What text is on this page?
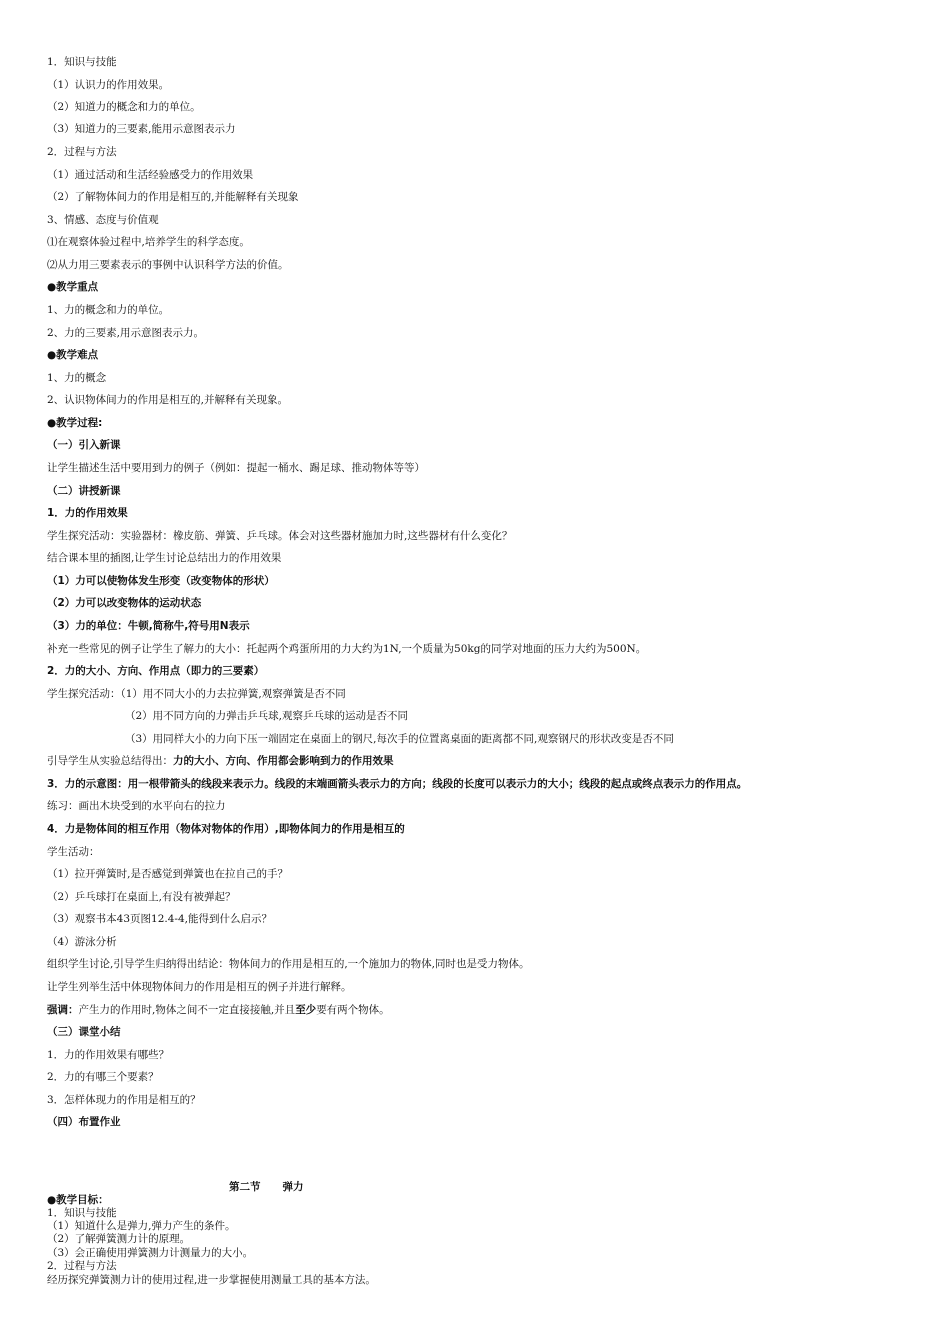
1．知识与技能
（1）认识力的作用效果。
（2）知道力的概念和力的单位。
（3）知道力的三要素,能用示意图表示力
2．过程与方法
（1）通过活动和生活经验感受力的作用效果
（2）了解物体间力的作用是相互的,并能解释有关现象
3、情感、态度与价值观
⑴在观察体验过程中,培养学生的科学态度。
⑵从力用三要素表示的事例中认识科学方法的价值。
●教学重点
1、力的概念和力的单位。
2、力的三要素,用示意图表示力。
●教学难点
1、力的概念
2、认识物体间力的作用是相互的,并解释有关现象。
●教学过程:
（一）引入新课
让学生描述生活中要用到力的例子（例如：提起一桶水、踢足球、推动物体等等）
（二）讲授新课
1．力的作用效果
学生探究活动：实验器材：橡皮筋、弹簧、乒乓球。体会对这些器材施加力时,这些器材有什么变化？
结合课本里的插图,让学生讨论总结出力的作用效果
（1）力可以使物体发生形变（改变物体的形状）
（2）力可以改变物体的运动状态
（3）力的单位：牛顿,简称牛,符号用N表示
补充一些常见的例子让学生了解力的大小：托起两个鸡蛋所用的力大约为1N,一个质量为50kg的同学对地面的压力大约为500N。
2．力的大小、方向、作用点（即力的三要素）
学生探究活动：（1）用不同大小的力去拉弹簧,观察弹簧是否不同
（2）用不同方向的力弹击乒乓球,观察乒乓球的运动是否不同
（3）用同样大小的力向下压一端固定在桌面上的钢尺,每次手的位置离桌面的距离都不同,观察钢尺的形状改变是否不同
引导学生从实验总结得出：力的大小、方向、作用都会影响到力的作用效果
3．力的示意图：用一根带箭头的线段来表示力。线段的末端画箭头表示力的方向；线段的长度可以表示力的大小；线段的起点或终点表示力的作用点。
练习：画出木块受到的水平向右的拉力
4．力是物体间的相互作用（物体对物体的作用）,即物体间力的作用是相互的
学生活动：
（1）拉开弹簧时,是否感觉到弹簧也在拉自己的手？
（2）乒乓球打在桌面上,有没有被弹起？
（3）观察书本43页图12.4-4,能得到什么启示？
（4）游泳分析
组织学生讨论,引导学生归纳得出结论：物体间力的作用是相互的,一个施加力的物体,同时也是受力物体。
让学生列举生活中体现物体间力的作用是相互的例子并进行解释。
强调：产生力的作用时,物体之间不一定直接接触,并且至少要有两个物体。
（三）课堂小结
1．力的作用效果有哪些？
2．力的有哪三个要素？
3．怎样体现力的作用是相互的？
（四）布置作业
第二节 弹力
●教学目标：
1．知识与技能
（1）知道什么是弹力,弹力产生的条件。
（2）了解弹簧测力计的原理。
（3）会正确使用弹簧测力计测量力的大小。
2．过程与方法
经历探究弹簧测力计的使用过程,进一步掌握使用测量工具的基本方法。
